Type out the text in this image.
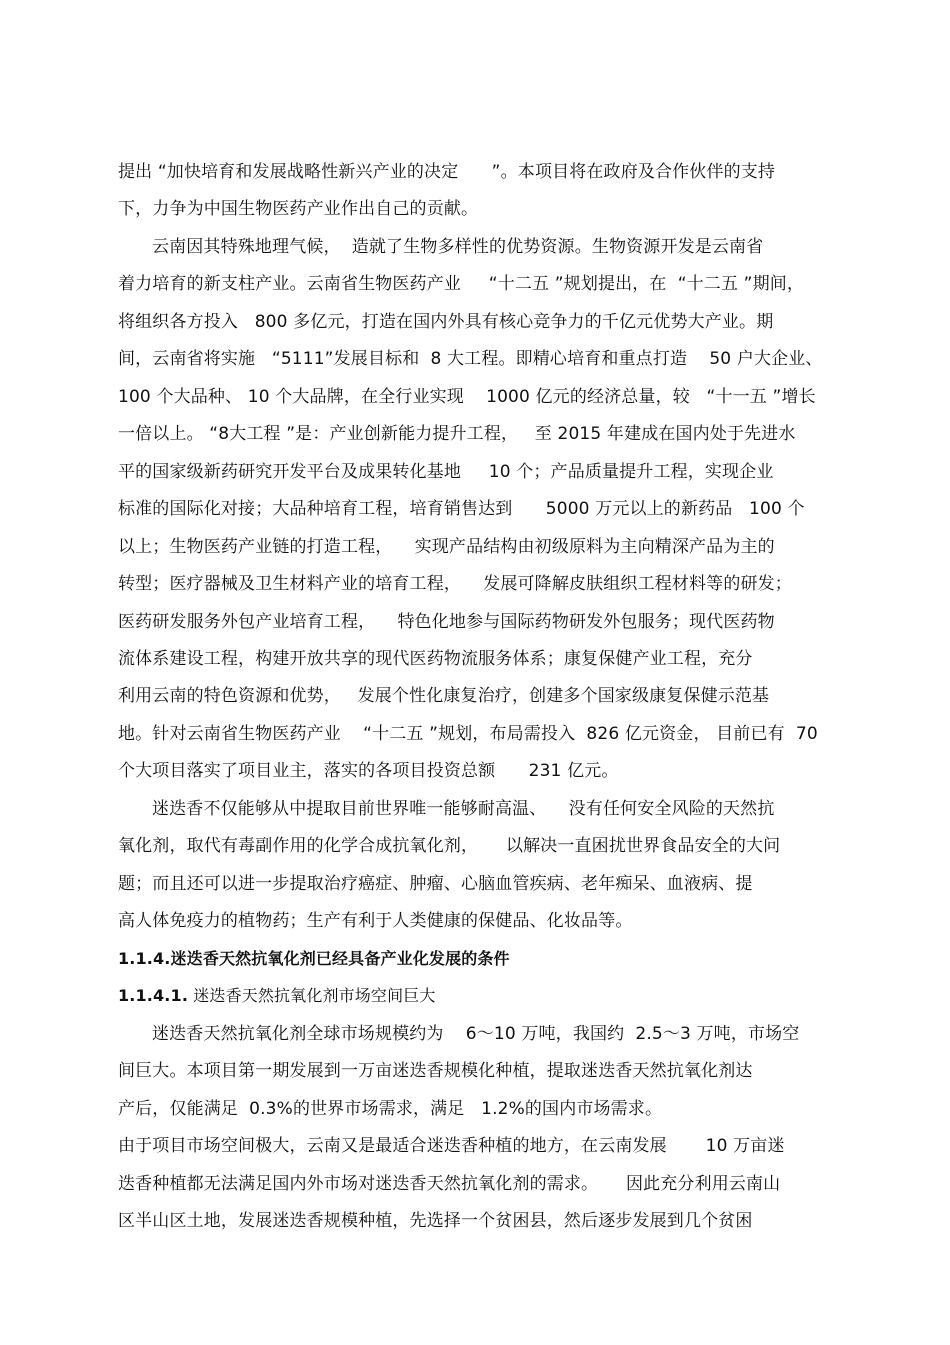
提出 “加快培育和发展战略性新兴产业的决定      ”。本项目将在政府及合作伙伴的支持

下，力争为中国生物医药产业作出自己的贡献。

云南因其特殊地理气候，  造就了生物多样性的优势资源。生物资源开发是云南省

着力培育的新支柱产业。云南省生物医药产业     “十二五 ”规划提出，在  “十二五 ”期间，

将组织各方投入   800 多亿元，打造在国内外具有核心竞争力的千亿元优势大产业。期

间，云南省将实施   “5111”发展目标和  8 大工程。即精心培育和重点打造    50 户大企业、

100 个大品种、 10 个大品牌，在全行业实现    1000 亿元的经济总量，较   “十一五 ”增长

一倍以上。 “8大工程 ”是：产业创新能力提升工程，   至 2015 年建成在国内处于先进水

平的国家级新药研究开发平台及成果转化基地     10 个；产品质量提升工程，实现企业

标准的国际化对接；大品种培育工程，培育销售达到      5000 万元以上的新药品   100 个

以上；生物医药产业链的打造工程，    实现产品结构由初级原料为主向精深产品为主的

转型；医疗器械及卫生材料产业的培育工程，    发展可降解皮肤组织工程材料等的研发；

医药研发服务外包产业培育工程，    特色化地参与国际药物研发外包服务；现代医药物

流体系建设工程，构建开放共享的现代医药物流服务体系；康复保健产业工程，充分

利用云南的特色资源和优势，   发展个性化康复治疗，创建多个国家级康复保健示范基

地。针对云南省生物医药产业    “十二五 ”规划，布局需投入  826 亿元资金， 目前已有  70

个大项目落实了项目业主，落实的各项目投资总额      231 亿元。

迷迭香不仅能够从中提取目前世界唯一能够耐高温、    没有任何安全风险的天然抗

氧化剂，取代有毒副作用的化学合成抗氧化剂，     以解决一直困扰世界食品安全的大问

题；而且还可以进一步提取治疗癌症、肿瘤、心脑血管疾病、老年痴呆、血液病、提

高人体免疫力的植物药；生产有利于人类健康的保健品、化妆品等。

1.1.4.迷迭香天然抗氧化剂已经具备产业化发展的条件

1.1.4.1. 迷迭香天然抗氧化剂市场空间巨大

迷迭香天然抗氧化剂全球市场规模约为    6～10 万吨，我国约  2.5～3 万吨，市场空

间巨大。本项目第一期发展到一万亩迷迭香规模化种植，提取迷迭香天然抗氧化剂达

产后，仅能满足  0.3%的世界市场需求，满足   1.2%的国内市场需求。

由于项目市场空间极大，云南又是最适合迷迭香种植的地方，在云南发展       10 万亩迷

迭香种植都无法满足国内外市场对迷迭香天然抗氧化剂的需求。     因此充分利用云南山

区半山区土地，发展迷迭香规模种植，先选择一个贫困县，然后逐步发展到几个贫困
